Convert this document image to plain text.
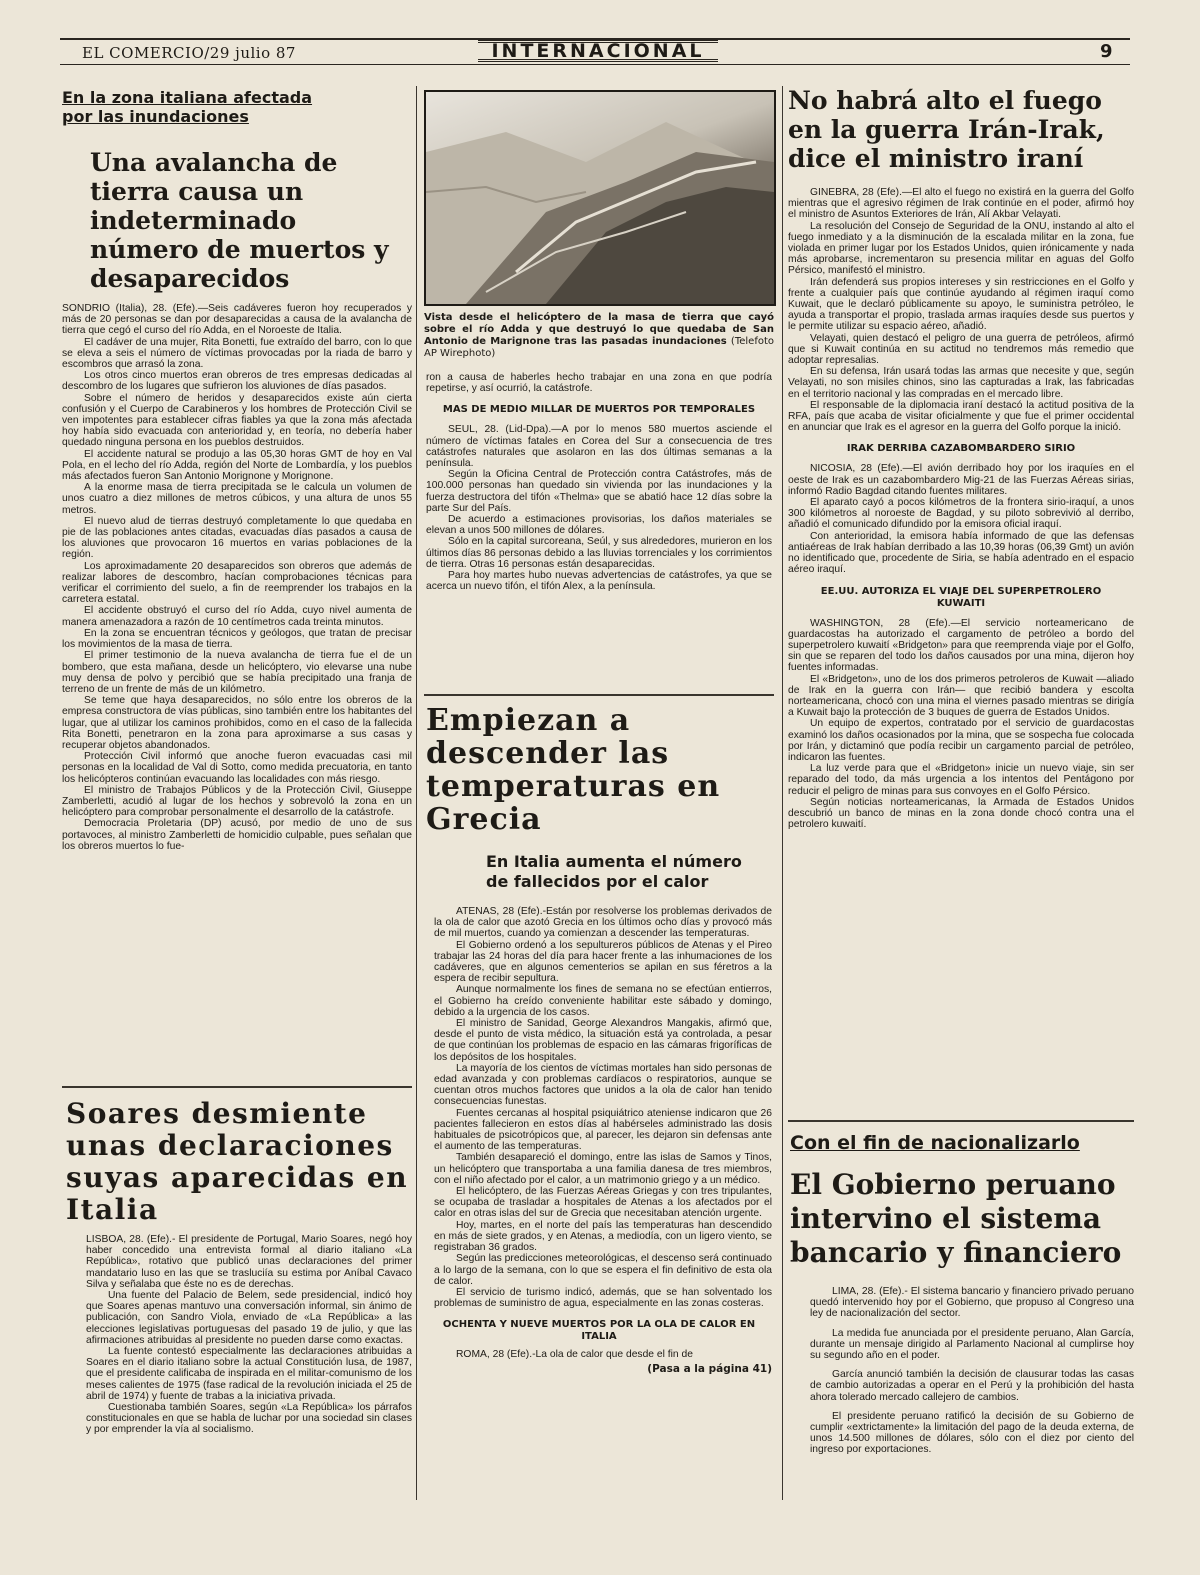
EL COMERCIO/29 julio 87	INTERNACIONAL	9
En la zona italiana afectada
por las inundaciones
Una avalancha de tierra causa un indeterminado número de muertos y desaparecidos

SONDRIO (Italia), 28. (Efe).—Seis cadáveres fueron hoy recuperados y más de 20 personas se dan por desaparecidas a causa de la avalancha de tierra que cegó el curso del río Adda, en el Noroeste de Italia.

El cadáver de una mujer, Rita Bonetti, fue extraído del barro, con lo que se eleva a seis el número de víctimas provocadas por la riada de barro y escombros que arrasó la zona.

Los otros cinco muertos eran obreros de tres empresas dedicadas al descombro de los lugares que sufrieron los aluviones de días pasados.

Sobre el número de heridos y desaparecidos existe aún cierta confusión y el Cuerpo de Carabineros y los hombres de Protección Civil se ven impotentes para establecer cifras fiables ya que la zona más afectada hoy había sido evacuada con anterioridad y, en teoría, no debería haber quedado ninguna persona en los pueblos destruidos.

El accidente natural se produjo a las 05,30 horas GMT de hoy en Val Pola, en el lecho del río Adda, región del Norte de Lombardía, y los pueblos más afectados fueron San Antonio Morignone y Morignone.

A la enorme masa de tierra precipitada se le calcula un volumen de unos cuatro a diez millones de metros cúbicos, y una altura de unos 55 metros.

El nuevo alud de tierras destruyó completamente lo que quedaba en pie de las poblaciones antes citadas, evacuadas días pasados a causa de los aluviones que provocaron 16 muertos en varias poblaciones de la región.

Los aproximadamente 20 desaparecidos son obreros que además de realizar labores de descombro, hacían comprobaciones técnicas para verificar el corrimiento del suelo, a fin de reemprender los trabajos en la carretera estatal.

El accidente obstruyó el curso del río Adda, cuyo nivel aumenta de manera amenazadora a razón de 10 centímetros cada treinta minutos.

En la zona se encuentran técnicos y geólogos, que tratan de precisar los movimientos de la masa de tierra.

El primer testimonio de la nueva avalancha de tierra fue el de un bombero, que esta mañana, desde un helicóptero, vio elevarse una nube muy densa de polvo y percibió que se había precipitado una franja de terreno de un frente de más de un kilómetro.

Se teme que haya desaparecidos, no sólo entre los obreros de la empresa constructora de vías públicas, sino también entre los habitantes del lugar, que al utilizar los caminos prohibidos, como en el caso de la fallecida Rita Bonetti, penetraron en la zona para aproximarse a sus casas y recuperar objetos abandonados.

Protección Civil informó que anoche fueron evacuadas casi mil personas en la localidad de Val di Sotto, como medida precuatoria, en tanto los helicópteros continúan evacuando las localidades con más riesgo.

El ministro de Trabajos Públicos y de la Protección Civil, Giuseppe Zamberletti, acudió al lugar de los hechos y sobrevoló la zona en un helicóptero para comprobar personalmente el desarrollo de la catástrofe.

Democracia Proletaria (DP) acusó, por medio de uno de sus portavoces, al ministro Zamberletti de homicidio culpable, pues señalan que los obreros muertos lo fue-

Soares desmiente unas declaraciones suyas aparecidas en Italia

LISBOA, 28. (Efe).- El presidente de Portugal, Mario Soares, negó hoy haber concedido una entrevista formal al diario italiano «La República», rotativo que publicó unas declaraciones del primer mandatario luso en las que se trasluciía su estima por Aníbal Cavaco Silva y señalaba que éste no es de derechas.

Una fuente del Palacio de Belem, sede presidencial, indicó hoy que Soares apenas mantuvo una conversación informal, sin ánimo de publicación, con Sandro Viola, enviado de «La República» a las elecciones legislativas portuguesas del pasado 19 de julio, y que las afirmaciones atribuidas al presidente no pueden darse como exactas.

La fuente contestó especialmente las declaraciones atribuidas a Soares en el diario italiano sobre la actual Constitución lusa, de 1987, que el presidente calificaba de inspirada en el militar-comunismo de los meses calientes de 1975 (fase radical de la revolución iniciada el 25 de abril de 1974) y fuente de trabas a la iniciativa privada.

Cuestionaba también Soares, según «La República» los párrafos constitucionales en que se habla de luchar por una sociedad sin clases y por emprender la vía al socialismo.

Vista desde el helicóptero de la masa de tierra que cayó sobre el río Adda y que destruyó lo que quedaba de San Antonio de Marignone tras las pasadas inundaciones (Telefoto AP Wirephoto)

ron a causa de haberles hecho trabajar en una zona en que podría repetirse, y así ocurrió, la catástrofe.

MAS DE MEDIO MILLAR DE MUERTOS POR TEMPORALES

SEUL, 28. (Lid-Dpa).—A por lo menos 580 muertos asciende el número de víctimas fatales en Corea del Sur a consecuencia de tres catástrofes naturales que asolaron en las dos últimas semanas a la península.

Según la Oficina Central de Protección contra Catástrofes, más de 100.000 personas han quedado sin vivienda por las inundaciones y la fuerza destructora del tifón «Thelma» que se abatió hace 12 días sobre la parte Sur del País.

De acuerdo a estimaciones provisorias, los daños materiales se elevan a unos 500 millones de dólares.

Sólo en la capital surcoreana, Seúl, y sus alrededores, murieron en los últimos días 86 personas debido a las lluvias torrenciales y los corrimientos de tierra. Otras 16 personas están desaparecidas.

Para hoy martes hubo nuevas advertencias de catástrofes, ya que se acerca un nuevo tifón, el tifón Alex, a la península.

Empiezan a descender las temperaturas en Grecia
En Italia aumenta el número de fallecidos por el calor

ATENAS, 28 (Efe).-Están por resolverse los problemas derivados de la ola de calor que azotó Grecia en los últimos ocho días y provocó más de mil muertos, cuando ya comienzan a descender las temperaturas.

El Gobierno ordenó a los sepultureros públicos de Atenas y el Pireo trabajar las 24 horas del día para hacer frente a las inhumaciones de los cadáveres, que en algunos cementerios se apilan en sus féretros a la espera de recibir sepultura.

Aunque normalmente los fines de semana no se efectúan entierros, el Gobierno ha creído conveniente habilitar este sábado y domingo, debido a la urgencia de los casos.

El ministro de Sanidad, George Alexandros Mangakis, afirmó que, desde el punto de vista médico, la situación está ya controlada, a pesar de que continúan los problemas de espacio en las cámaras frigoríficas de los depósitos de los hospitales.

La mayoría de los cientos de víctimas mortales han sido personas de edad avanzada y con problemas cardíacos o respiratorios, aunque se cuentan otros muchos factores que unidos a la ola de calor han tenido consecuencias funestas.

Fuentes cercanas al hospital psiquiátrico ateniense indicaron que 26 pacientes fallecieron en estos días al habérseles administrado las dosis habituales de psicotrópicos que, al parecer, les dejaron sin defensas ante el aumento de las temperaturas.

También desapareció el domingo, entre las islas de Samos y Tinos, un helicóptero que transportaba a una familia danesa de tres miembros, con el niño afectado por el calor, a un matrimonio griego y a un médico.

El helicóptero, de las Fuerzas Aéreas Griegas y con tres tripulantes, se ocupaba de trasladar a hospitales de Atenas a los afectados por el calor en otras islas del sur de Grecia que necesitaban atención urgente.

Hoy, martes, en el norte del país las temperaturas han descendido en más de siete grados, y en Atenas, a mediodía, con un ligero viento, se registraban 36 grados.

Según las predicciones meteorológicas, el descenso será continuado a lo largo de la semana, con lo que se espera el fin definitivo de esta ola de calor.

El servicio de turismo indicó, además, que se han solventado los problemas de suministro de agua, especialmente en las zonas costeras.

OCHENTA Y NUEVE MUERTOS POR LA OLA DE CALOR EN ITALIA

ROMA, 28 (Efe).-La ola de calor que desde el fin de

(Pasa a la página 41)
No habrá alto el fuego en la guerra Irán-Irak, dice el ministro iraní

GINEBRA, 28 (Efe).—El alto el fuego no existirá en la guerra del Golfo mientras que el agresivo régimen de Irak continúe en el poder, afirmó hoy el ministro de Asuntos Exteriores de Irán, Alí Akbar Velayati.

La resolución del Consejo de Seguridad de la ONU, instando al alto el fuego inmediato y a la disminución de la escalada militar en la zona, fue violada en primer lugar por los Estados Unidos, quien irónicamente y nada más aprobarse, incrementaron su presencia militar en aguas del Golfo Pérsico, manifestó el ministro.

Irán defenderá sus propios intereses y sin restricciones en el Golfo y frente a cualquier país que continúe ayudando al régimen iraquí como Kuwait, que le declaró públicamente su apoyo, le suministra petróleo, le ayuda a transportar el propio, traslada armas iraquíes desde sus puertos y le permite utilizar su espacio aéreo, añadió.

Velayati, quien destacó el peligro de una guerra de petróleos, afirmó que si Kuwait continúa en su actitud no tendremos más remedio que adoptar represalias.

En su defensa, Irán usará todas las armas que necesite y que, según Velayati, no son misiles chinos, sino las capturadas a Irak, las fabricadas en el territorio nacional y las compradas en el mercado libre.

El responsable de la diplomacia iraní destacó la actitud positiva de la RFA, país que acaba de visitar oficialmente y que fue el primer occidental en anunciar que Irak es el agresor en la guerra del Golfo porque la inició.

IRAK DERRIBA CAZABOMBARDERO SIRIO

NICOSIA, 28 (Efe).—El avión derribado hoy por los iraquíes en el oeste de Irak es un cazabombardero Mig-21 de las Fuerzas Aéreas sirias, informó Radio Bagdad citando fuentes militares.

El aparato cayó a pocos kilómetros de la frontera sirio-iraquí, a unos 300 kilómetros al noroeste de Bagdad, y su piloto sobrevivió al derribo, añadió el comunicado difundido por la emisora oficial iraquí.

Con anterioridad, la emisora había informado de que las defensas antiaéreas de Irak habían derribado a las 10,39 horas (06,39 Gmt) un avión no identificado que, procedente de Siria, se había adentrado en el espacio aéreo iraquí.

EE.UU. AUTORIZA EL VIAJE DEL SUPERPETROLERO KUWAITI

WASHINGTON, 28 (Efe).—El servicio norteamericano de guardacostas ha autorizado el cargamento de petróleo a bordo del superpetrolero kuwaití «Bridgeton» para que reemprenda viaje por el Golfo, sin que se reparen del todo los daños causados por una mina, dijeron hoy fuentes informadas.

El «Bridgeton», uno de los dos primeros petroleros de Kuwait —aliado de Irak en la guerra con Irán— que recibió bandera y escolta norteamericana, chocó con una mina el viernes pasado mientras se dirigía a Kuwait bajo la protección de 3 buques de guerra de Estados Unidos.

Un equipo de expertos, contratado por el servicio de guardacostas examinó los daños ocasionados por la mina, que se sospecha fue colocada por Irán, y dictaminó que podía recibir un cargamento parcial de petróleo, indicaron las fuentes.

La luz verde para que el «Bridgeton» inicie un nuevo viaje, sin ser reparado del todo, da más urgencia a los intentos del Pentágono por reducir el peligro de minas para sus convoyes en el Golfo Pérsico.

Según noticias norteamericanas, la Armada de Estados Unidos descubrió un banco de minas en la zona donde chocó contra una el petrolero kuwaití.

Con el fin de nacionalizarlo
El Gobierno peruano intervino el sistema bancario y financiero

LIMA, 28. (Efe).- El sistema bancario y financiero privado peruano quedó intervenido hoy por el Gobierno, que propuso al Congreso una ley de nacionalización del sector.

La medida fue anunciada por el presidente peruano, Alan García, durante un mensaje dirigido al Parlamento Nacional al cumplirse hoy su segundo año en el poder.

García anunció también la decisión de clausurar todas las casas de cambio autorizadas a operar en el Perú y la prohibición del hasta ahora tolerado mercado callejero de cambios.

El presidente peruano ratificó la decisión de su Gobierno de cumplir «extrictamente» la limitación del pago de la deuda externa, de unos 14.500 millones de dólares, sólo con el diez por ciento del ingreso por exportaciones.
